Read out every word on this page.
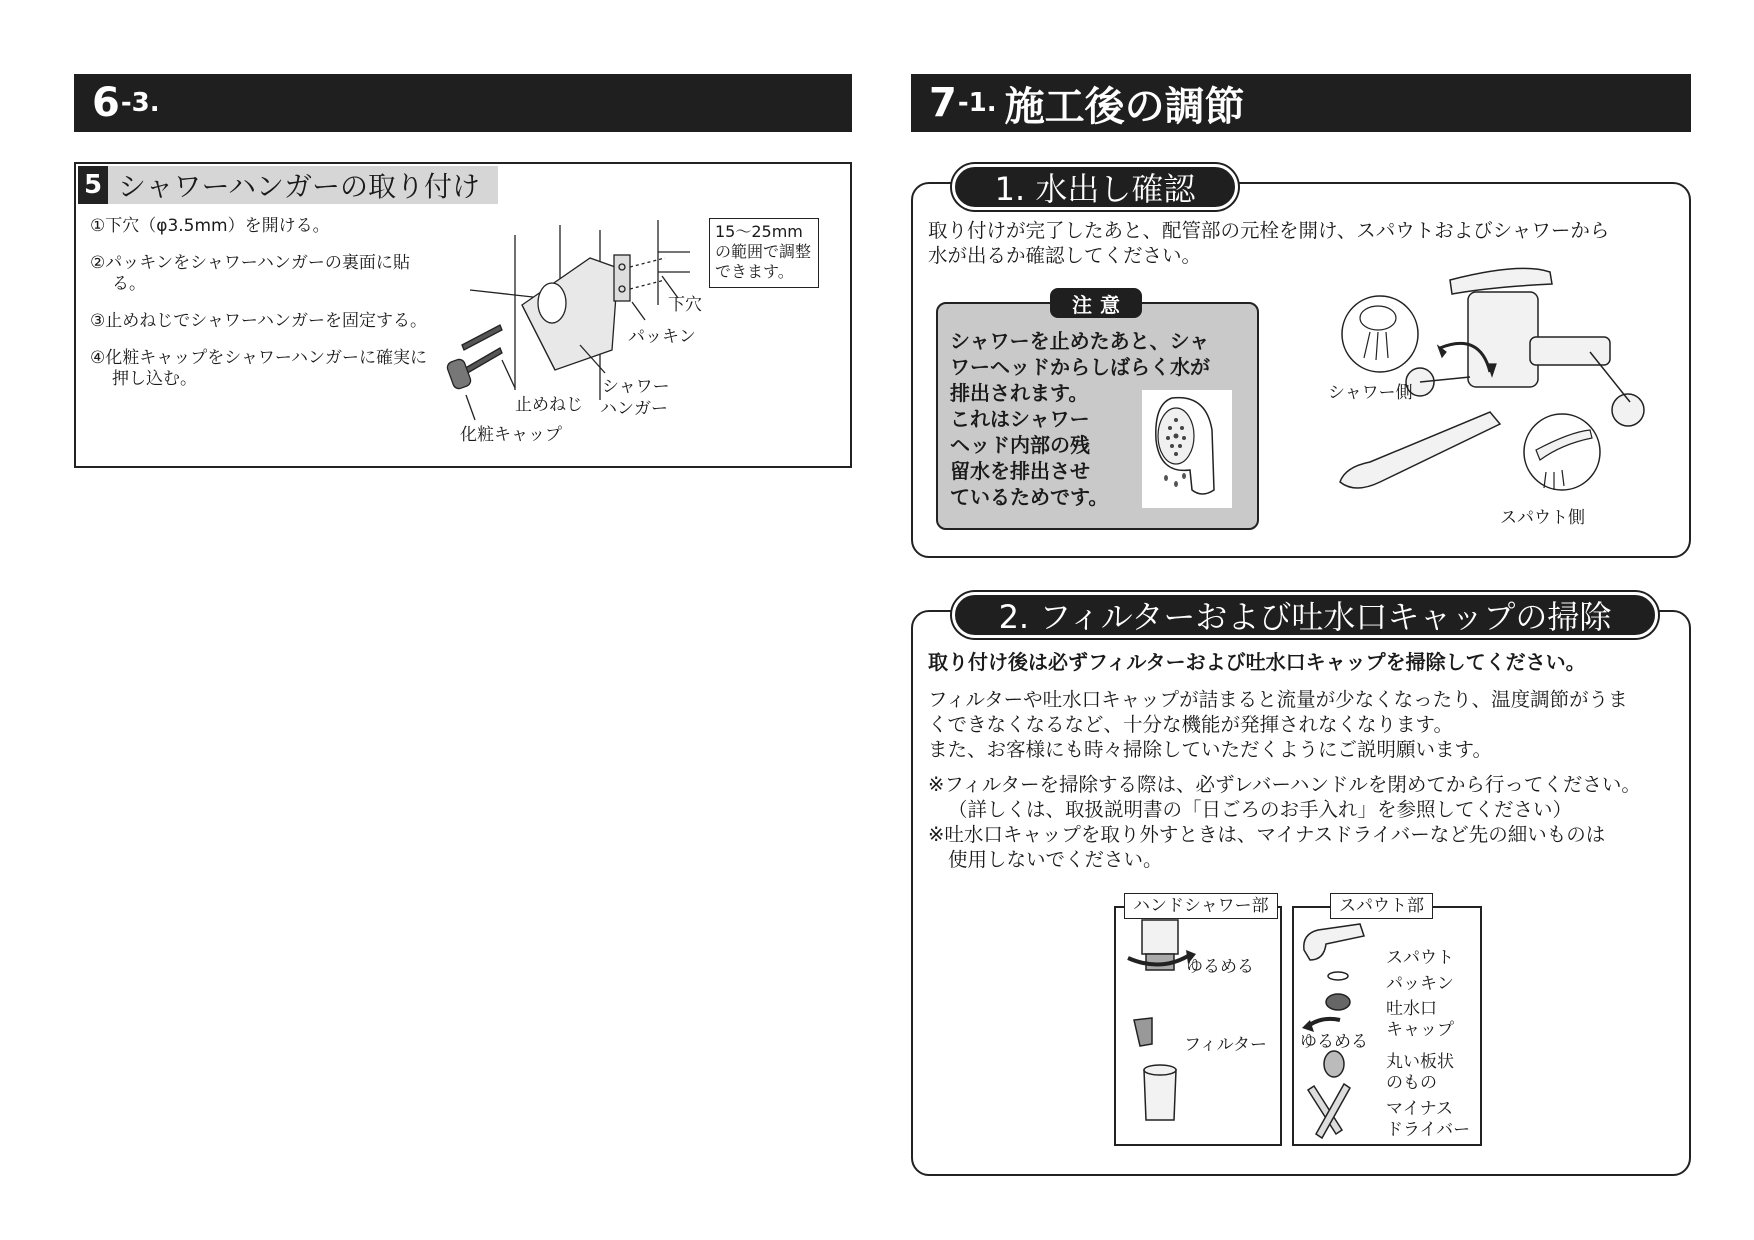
6 -3.
5 シャワーハンガーの取り付け

①下穴（φ3.5mm）を開ける。

②パッキンをシャワーハンガーの裏面に貼る。

③止めねじでシャワーハンガーを固定する。

④化粧キャップをシャワーハンガーに確実に押し込む。

15〜25mm
の範囲で調整
できます。
下穴
パッキン
シャワー
ハンガー
止めねじ
化粧キャップ
7 -1. 施工後の調節
1. 水出し確認

取り付けが完了したあと、配管部の元栓を開け、スパウトおよびシャワーから

水が出るか確認してください。

注意
シャワーを止めたあと、シャ
ワーヘッドからしばらく水が
排出されます。
これはシャワー
ヘッド内部の残
留水を排出させ
ているためです。
シャワー側
スパウト側
2. フィルターおよび吐水口キャップの掃除

取り付け後は必ずフィルターおよび吐水口キャップを掃除してください。

フィルターや吐水口キャップが詰まると流量が少なくなったり、温度調節がうま

くできなくなるなど、十分な機能が発揮されなくなります。

また、お客様にも時々掃除していただくようにご説明願います。

※フィルターを掃除する際は、必ずレバーハンドルを閉めてから行ってください。

（詳しくは、取扱説明書の「日ごろのお手入れ」を参照してください）

※吐水口キャップを取り外すときは、マイナスドライバーなど先の細いものは

使用しないでください。

ハンドシャワー部
ゆるめる
フィルター
スパウト部
スパウト
パッキン
吐水口
キャップ
ゆるめる
丸い板状
のもの
マイナス
ドライバー
